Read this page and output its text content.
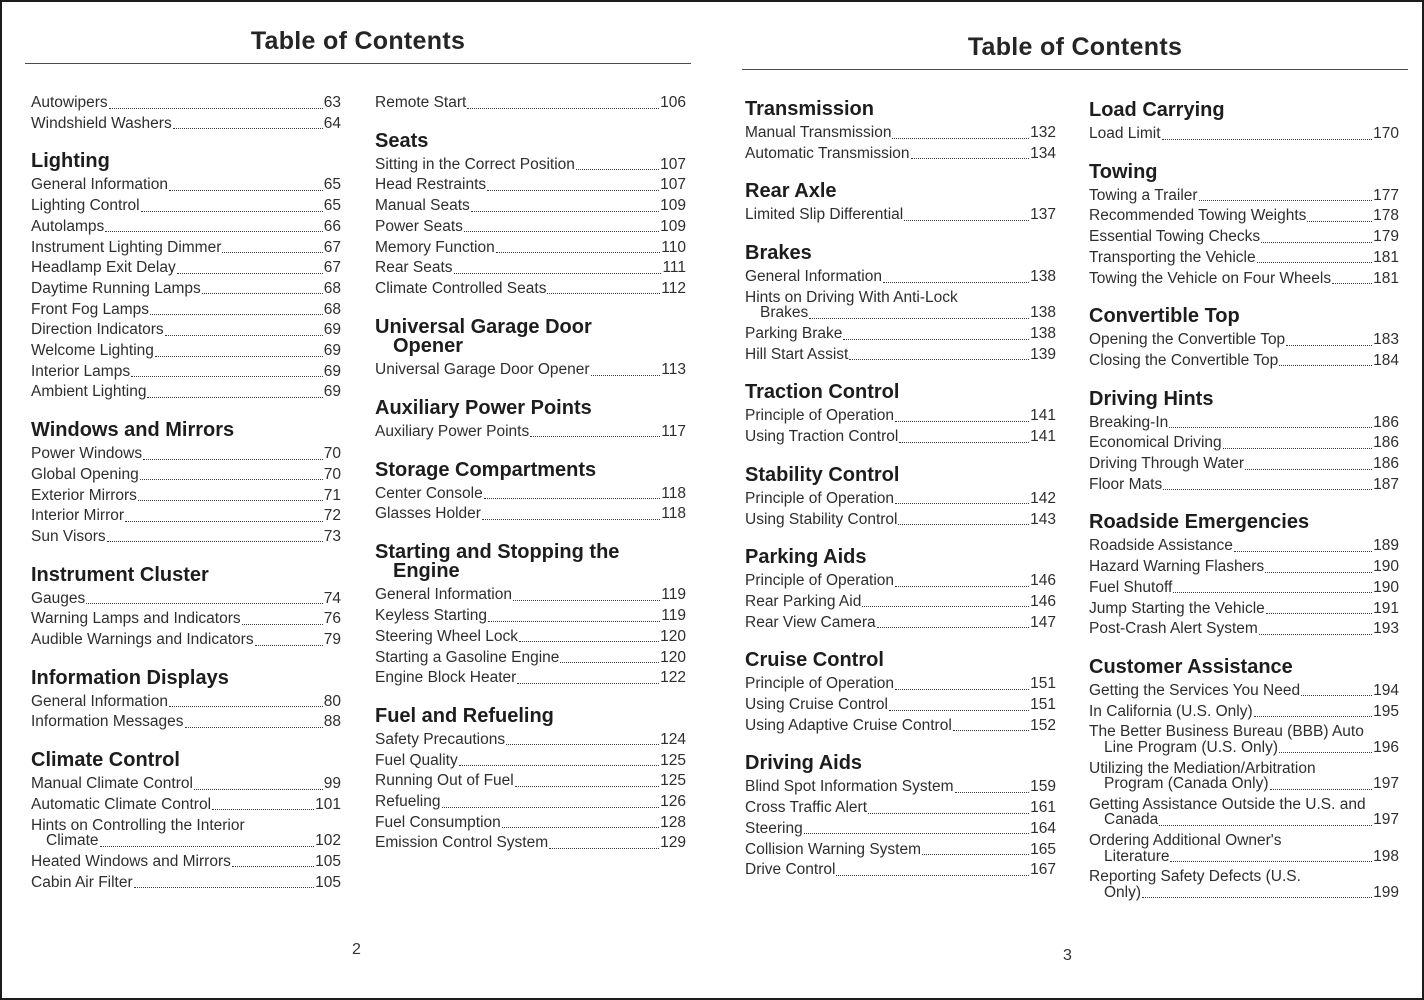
Table of Contents
Autowipers	63
Windshield Washers	64
Lighting
General Information	65
Lighting Control	65
Autolamps	66
Instrument Lighting Dimmer	67
Headlamp Exit Delay	67
Daytime Running Lamps	68
Front Fog Lamps	68
Direction Indicators	69
Welcome Lighting	69
Interior Lamps	69
Ambient Lighting	69
Windows and Mirrors
Power Windows	70
Global Opening	70
Exterior Mirrors	71
Interior Mirror	72
Sun Visors	73
Instrument Cluster
Gauges	74
Warning Lamps and Indicators	76
Audible Warnings and Indicators	79
Information Displays
General Information	80
Information Messages	88
Climate Control
Manual Climate Control	99
Automatic Climate Control	101
Hints on Controlling the Interior
Climate	102
Heated Windows and Mirrors	105
Cabin Air Filter	105
Remote Start	106
Seats
Sitting in the Correct Position	107
Head Restraints	107
Manual Seats	109
Power Seats	109
Memory Function	110
Rear Seats	111
Climate Controlled Seats	112
Universal Garage Door
Opener
Universal Garage Door Opener	113
Auxiliary Power Points
Auxiliary Power Points	117
Storage Compartments
Center Console	118
Glasses Holder	118
Starting and Stopping the
Engine
General Information	119
Keyless Starting	119
Steering Wheel Lock	120
Starting a Gasoline Engine	120
Engine Block Heater	122
Fuel and Refueling
Safety Precautions	124
Fuel Quality	125
Running Out of Fuel	125
Refueling	126
Fuel Consumption	128
Emission Control System	129
2
Table of Contents
Transmission
Manual Transmission	132
Automatic Transmission	134
Rear Axle
Limited Slip Differential	137
Brakes
General Information	138
Hints on Driving With Anti-Lock
Brakes	138
Parking Brake	138
Hill Start Assist	139
Traction Control
Principle of Operation	141
Using Traction Control	141
Stability Control
Principle of Operation	142
Using Stability Control	143
Parking Aids
Principle of Operation	146
Rear Parking Aid	146
Rear View Camera	147
Cruise Control
Principle of Operation	151
Using Cruise Control	151
Using Adaptive Cruise Control	152
Driving Aids
Blind Spot Information System	159
Cross Traffic Alert	161
Steering	164
Collision Warning System	165
Drive Control	167
Load Carrying
Load Limit	170
Towing
Towing a Trailer	177
Recommended Towing Weights	178
Essential Towing Checks	179
Transporting the Vehicle	181
Towing the Vehicle on Four Wheels	181
Convertible Top
Opening the Convertible Top	183
Closing the Convertible Top	184
Driving Hints
Breaking-In	186
Economical Driving	186
Driving Through Water	186
Floor Mats	187
Roadside Emergencies
Roadside Assistance	189
Hazard Warning Flashers	190
Fuel Shutoff	190
Jump Starting the Vehicle	191
Post-Crash Alert System	193
Customer Assistance
Getting the Services You Need	194
In California (U.S. Only)	195
The Better Business Bureau (BBB) Auto
Line Program (U.S. Only)	196
Utilizing the Mediation/Arbitration
Program (Canada Only)	197
Getting Assistance Outside the U.S. and
Canada	197
Ordering Additional Owner's
Literature	198
Reporting Safety Defects (U.S.
Only)	199
3
